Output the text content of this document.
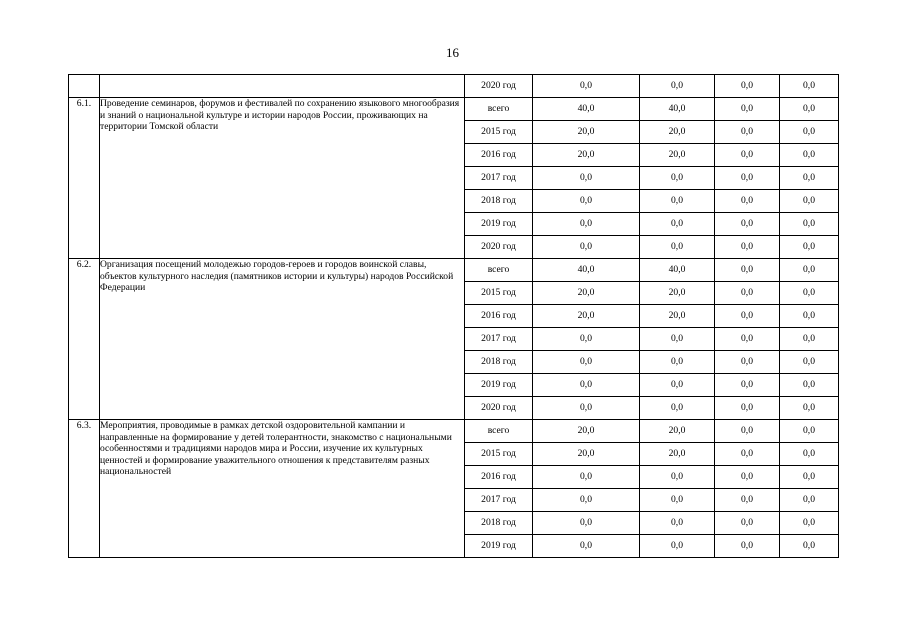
16
		2020 год	0,0	0,0	0,0	0,0
6.1.	Проведение семинаров, форумов и фестивалей по сохранению языкового многообразия и знаний о национальной культуре и истории народов России, проживающих на территории Томской области	всего	40,0	40,0	0,0	0,0
		2015 год	20,0	20,0	0,0	0,0
		2016 год	20,0	20,0	0,0	0,0
		2017 год	0,0	0,0	0,0	0,0
		2018 год	0,0	0,0	0,0	0,0
		2019 год	0,0	0,0	0,0	0,0
		2020 год	0,0	0,0	0,0	0,0
6.2.	Организация посещений молодежью городов-героев и городов воинской славы, объектов культурного наследия (памятников истории и культуры) народов Российской Федерации	всего	40,0	40,0	0,0	0,0
		2015 год	20,0	20,0	0,0	0,0
		2016 год	20,0	20,0	0,0	0,0
		2017 год	0,0	0,0	0,0	0,0
		2018 год	0,0	0,0	0,0	0,0
		2019 год	0,0	0,0	0,0	0,0
		2020 год	0,0	0,0	0,0	0,0
6.3.	Мероприятия, проводимые в рамках детской оздоровительной кампании и направленные на формирование у детей толерантности, знакомство с национальными особенностями и традициями народов мира и России, изучение их культурных ценностей и формирование уважительного отношения к представителям разных национальностей	всего	20,0	20,0	0,0	0,0
		2015 год	20,0	20,0	0,0	0,0
		2016 год	0,0	0,0	0,0	0,0
		2017 год	0,0	0,0	0,0	0,0
		2018 год	0,0	0,0	0,0	0,0
		2019 год	0,0	0,0	0,0	0,0
